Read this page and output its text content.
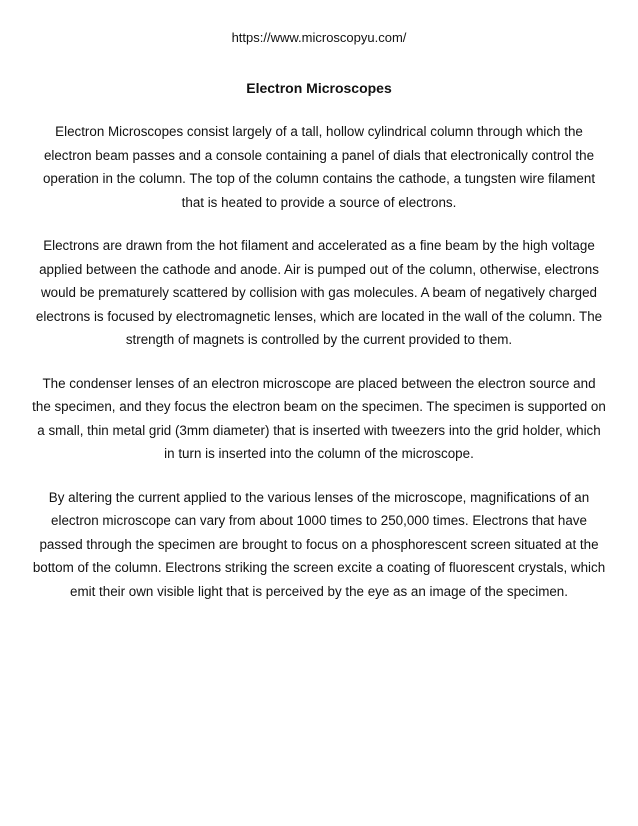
https://www.microscopyu.com/
Electron Microscopes

Electron Microscopes consist largely of a tall, hollow cylindrical column through which the electron beam passes and a console containing a panel of dials that electronically control the operation in the column. The top of the column contains the cathode, a tungsten wire filament that is heated to provide a source of electrons.

Electrons are drawn from the hot filament and accelerated as a fine beam by the high voltage applied between the cathode and anode. Air is pumped out of the column, otherwise, electrons would be prematurely scattered by collision with gas molecules. A beam of negatively charged electrons is focused by electromagnetic lenses, which are located in the wall of the column. The strength of magnets is controlled by the current provided to them.

The condenser lenses of an electron microscope are placed between the electron source and the specimen, and they focus the electron beam on the specimen. The specimen is supported on a small, thin metal grid (3mm diameter) that is inserted with tweezers into the grid holder, which in turn is inserted into the column of the microscope.

By altering the current applied to the various lenses of the microscope, magnifications of an electron microscope can vary from about 1000 times to 250,000 times. Electrons that have passed through the specimen are brought to focus on a phosphorescent screen situated at the bottom of the column. Electrons striking the screen excite a coating of fluorescent crystals, which emit their own visible light that is perceived by the eye as an image of the specimen.
